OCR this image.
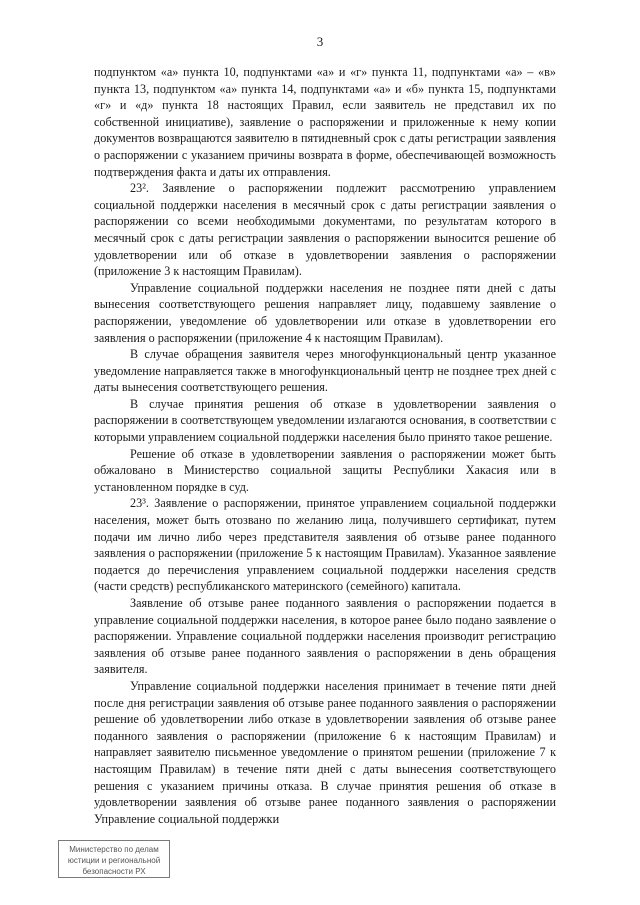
3

подпунктом «а» пункта 10, подпунктами «а» и «г» пункта 11, подпунктами «а» – «в» пункта 13, подпунктом «а» пункта 14, подпунктами «а» и «б» пункта 15, подпунктами «г» и «д» пункта 18 настоящих Правил, если заявитель не представил их по собственной инициативе), заявление о распоряжении и приложенные к нему копии документов возвращаются заявителю в пятидневный срок с даты регистрации заявления о распоряжении с указанием причины возврата в форме, обеспечивающей возможность подтверждения факта и даты их отправления.

23². Заявление о распоряжении подлежит рассмотрению управлением социальной поддержки населения в месячный срок с даты регистрации заявления о распоряжении со всеми необходимыми документами, по результатам которого в месячный срок с даты регистрации заявления о распоряжении выносится решение об удовлетворении или об отказе в удовлетворении заявления о распоряжении (приложение 3 к настоящим Правилам).

Управление социальной поддержки населения не позднее пяти дней с даты вынесения соответствующего решения направляет лицу, подавшему заявление о распоряжении, уведомление об удовлетворении или отказе в удовлетворении его заявления о распоряжении (приложение 4 к настоящим Правилам).

В случае обращения заявителя через многофункциональный центр указанное уведомление направляется также в многофункциональный центр не позднее трех дней с даты вынесения соответствующего решения.

В случае принятия решения об отказе в удовлетворении заявления о распоряжении в соответствующем уведомлении излагаются основания, в соответствии с которыми управлением социальной поддержки населения было принято такое решение.

Решение об отказе в удовлетворении заявления о распоряжении может быть обжаловано в Министерство социальной защиты Республики Хакасия или в установленном порядке в суд.

23³. Заявление о распоряжении, принятое управлением социальной поддержки населения, может быть отозвано по желанию лица, получившего сертификат, путем подачи им лично либо через представителя заявления об отзыве ранее поданного заявления о распоряжении (приложение 5 к настоящим Правилам). Указанное заявление подается до перечисления управлением социальной поддержки населения средств (части средств) республиканского материнского (семейного) капитала.

Заявление об отзыве ранее поданного заявления о распоряжении подается в управление социальной поддержки населения, в которое ранее было подано заявление о распоряжении. Управление социальной поддержки населения производит регистрацию заявления об отзыве ранее поданного заявления о распоряжении в день обращения заявителя.

Управление социальной поддержки населения принимает в течение пяти дней после дня регистрации заявления об отзыве ранее поданного заявления о распоряжении решение об удовлетворении либо отказе в удовлетворении заявления об отзыве ранее поданного заявления о распоряжении (приложение 6 к настоящим Правилам) и направляет заявителю письменное уведомление о принятом решении (приложение 7 к настоящим Правилам) в течение пяти дней с даты вынесения соответствующего решения с указанием причины отказа. В случае принятия решения об отказе в удовлетворении заявления об отзыве ранее поданного заявления о распоряжении Управление социальной поддержки

Министерство по делам
юстиции и региональной
безопасности РХ
